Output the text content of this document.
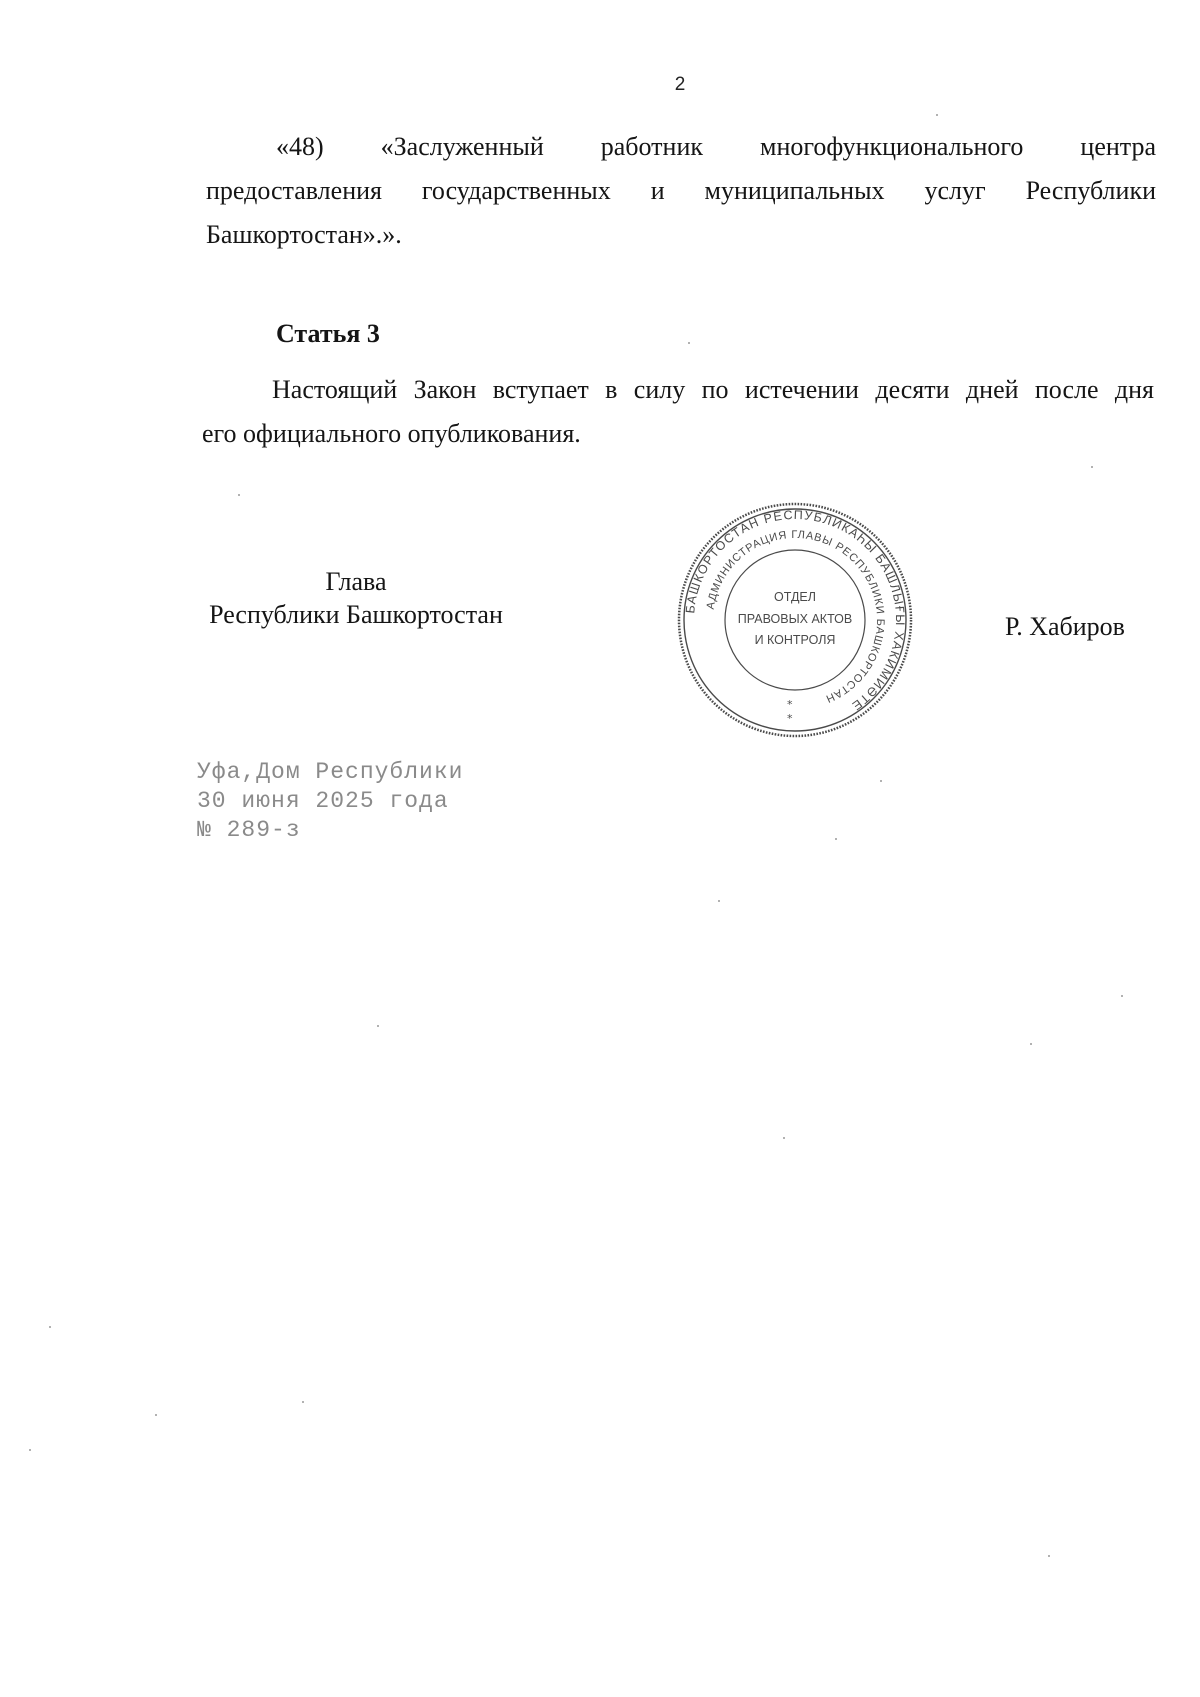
2
«48) «Заслуженный работник многофункционального центра
предоставления государственных и муниципальных услуг Республики
Башкортостан».».
Статья 3
Настоящий Закон вступает в силу по истечении десяти дней после дня
его официального опубликования.
Глава
Республики Башкортостан	БАШКОРТОСТАН РЕСПУБЛИКАҺЫ БАШЛЫҒЫ ХАКИМИӘТЕ
АДМИНИСТРАЦИЯ ГЛАВЫ РЕСПУБЛИКИ БАШКОРТОСТАН
ОТДЕЛ
ПРАВОВЫХ АКТОВ
И КОНТРОЛЯ
*
*
Р. Хабиров
Уфа,Дом Республики
30 июня 2025 года
№ 289-з
